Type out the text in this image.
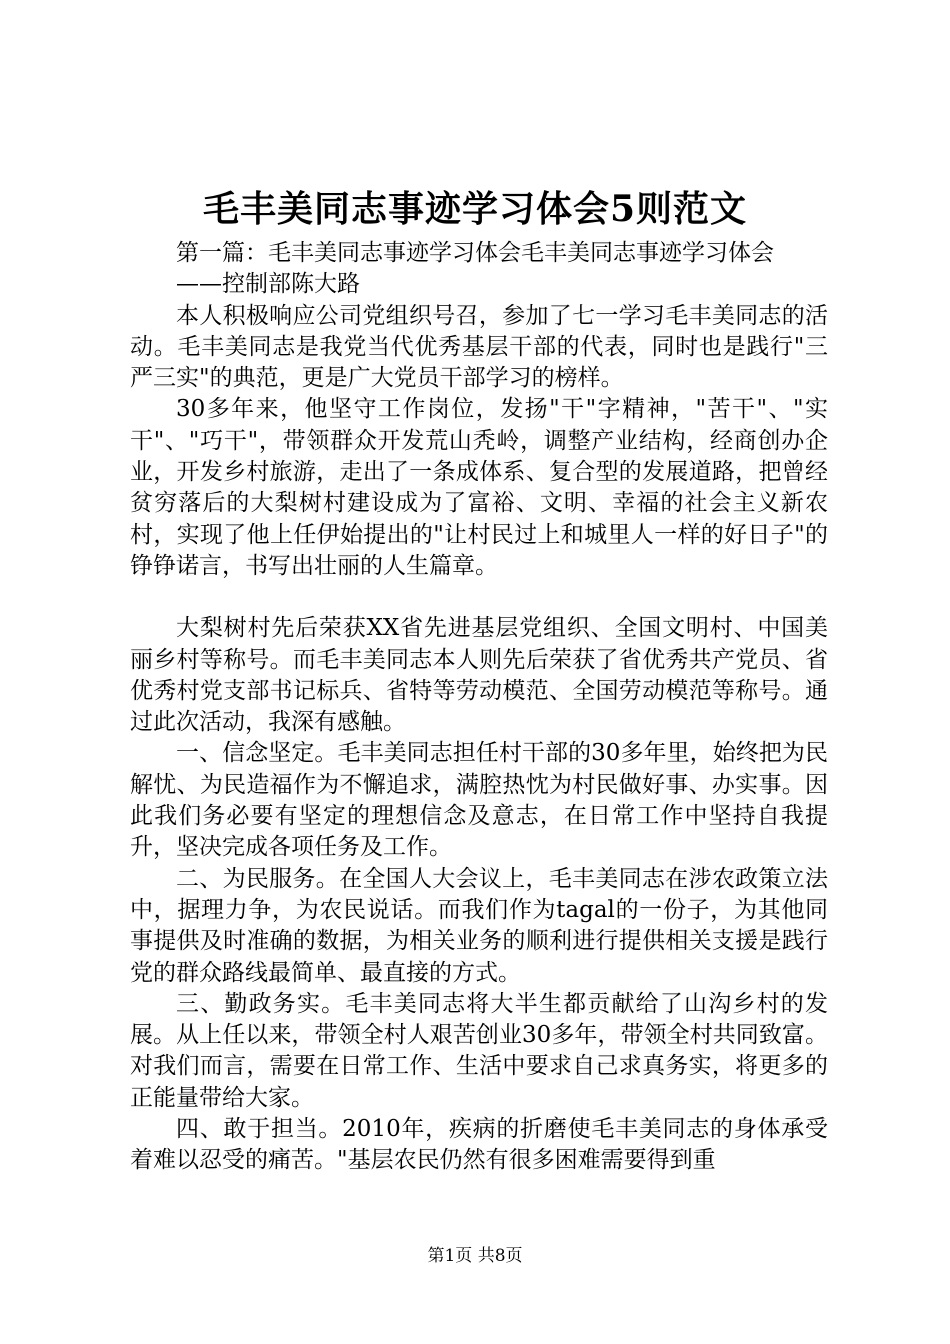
毛丰美同志事迹学习体会5则范文

第一篇：毛丰美同志事迹学习体会毛丰美同志事迹学习体会

——控制部陈大路

本人积极响应公司党组织号召，参加了七一学习毛丰美同志的活动。毛丰美同志是我党当代优秀基层干部的代表，同时也是践行"三严三实"的典范，更是广大党员干部学习的榜样。

30多年来，他坚守工作岗位，发扬"干"字精神，"苦干"、"实干"、"巧干"，带领群众开发荒山秃岭，调整产业结构，经商创办企业，开发乡村旅游，走出了一条成体系、复合型的发展道路，把曾经贫穷落后的大梨树村建设成为了富裕、文明、幸福的社会主义新农村，实现了他上任伊始提出的"让村民过上和城里人一样的好日子"的铮铮诺言，书写出壮丽的人生篇章。

大梨树村先后荣获XX省先进基层党组织、全国文明村、中国美丽乡村等称号。而毛丰美同志本人则先后荣获了省优秀共产党员、省优秀村党支部书记标兵、省特等劳动模范、全国劳动模范等称号。通过此次活动，我深有感触。

一、信念坚定。毛丰美同志担任村干部的30多年里，始终把为民解忧、为民造福作为不懈追求，满腔热忱为村民做好事、办实事。因此我们务必要有坚定的理想信念及意志，在日常工作中坚持自我提升，坚决完成各项任务及工作。

二、为民服务。在全国人大会议上，毛丰美同志在涉农政策立法中，据理力争，为农民说话。而我们作为tagal的一份子，为其他同事提供及时准确的数据，为相关业务的顺利进行提供相关支援是践行党的群众路线最简单、最直接的方式。

三、勤政务实。毛丰美同志将大半生都贡献给了山沟乡村的发展。从上任以来，带领全村人艰苦创业30多年，带领全村共同致富。对我们而言，需要在日常工作、生活中要求自己求真务实，将更多的正能量带给大家。

四、敢于担当。2010年，疾病的折磨使毛丰美同志的身体承受着难以忍受的痛苦。"基层农民仍然有很多困难需要得到重

第1页 共8页
